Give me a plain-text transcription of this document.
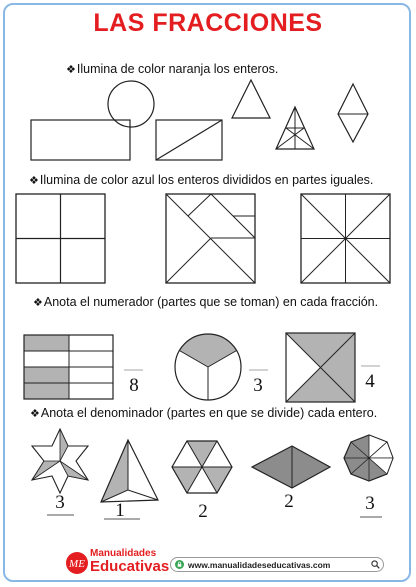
LAS FRACCIONES
❖Ilumina de color naranja los enteros.
❖Ilumina de color azul los enteros divididos en partes iguales.
❖Anota el numerador (partes que se toman) en cada fracción.
8	3	4
❖Anota el denominador (partes en que se divide) cada entero.
3	1	2	2	3
ME
Manualidades
Educativas	www.manualidadeseducativas.com
